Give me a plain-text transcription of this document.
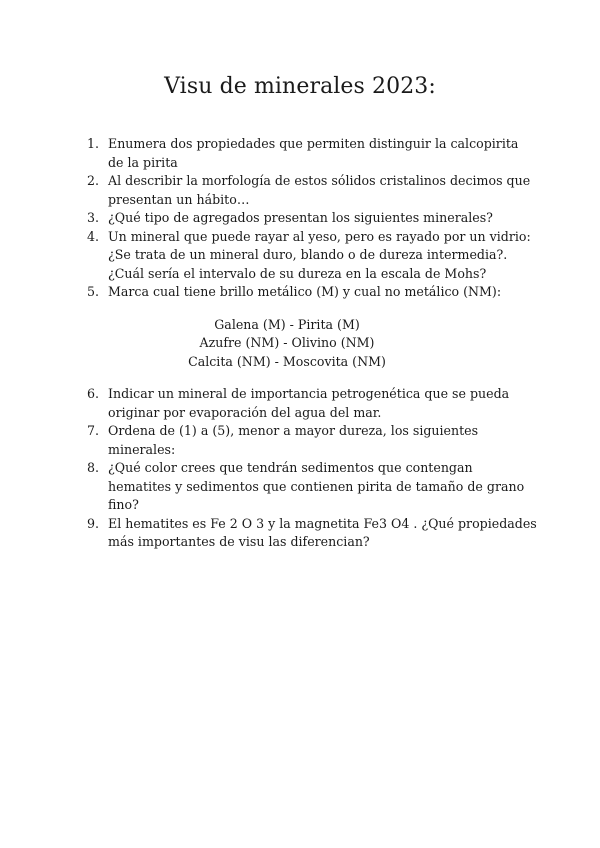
Visu de minerales 2023:
1. Enumera dos propiedades que permiten distinguir la calcopirita de la pirita
2. Al describir la morfología de estos sólidos cristalinos decimos que presentan un hábito…
3. ¿Qué tipo de agregados presentan los siguientes minerales?
4. Un mineral que puede rayar al yeso, pero es rayado por un vidrio: ¿Se trata de un mineral duro, blando o de dureza intermedia?. ¿Cuál sería el intervalo de su dureza en la escala de Mohs?
5. Marca cual tiene brillo metálico (M) y cual no metálico (NM):
Galena (M) - Pirita (M)
Azufre (NM) - Olivino (NM)
Calcita (NM) - Moscovita (NM)
6. Indicar un mineral de importancia petrogenética que se pueda originar por evaporación del agua del mar.
7. Ordena de (1) a (5), menor a mayor dureza, los siguientes minerales:
8. ¿Qué color crees que tendrán sedimentos que contengan hematites y sedimentos que contienen pirita de tamaño de grano fino?
9. El hematites es Fe 2 O 3 y la magnetita Fe3 O4 . ¿Qué propiedades más importantes de visu las diferencian?
